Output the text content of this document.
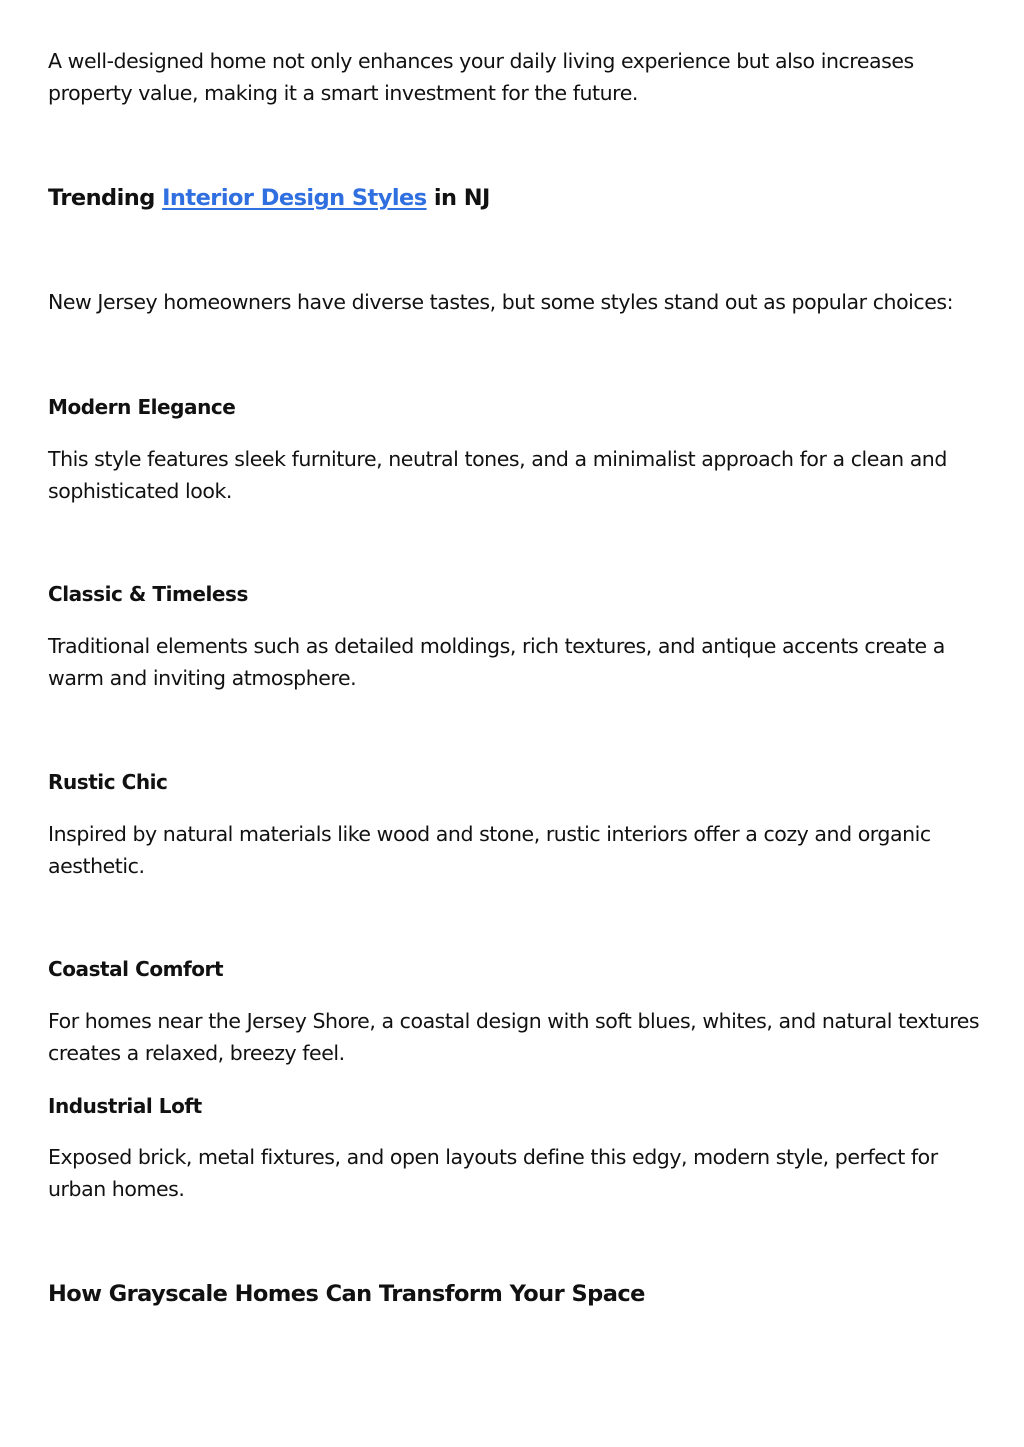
A well-designed home not only enhances your daily living experience but also increases property value, making it a smart investment for the future.

Trending Interior Design Styles in NJ

New Jersey homeowners have diverse tastes, but some styles stand out as popular choices:

Modern Elegance

This style features sleek furniture, neutral tones, and a minimalist approach for a clean and sophisticated look.

Classic & Timeless

Traditional elements such as detailed moldings, rich textures, and antique accents create a warm and inviting atmosphere.

Rustic Chic

Inspired by natural materials like wood and stone, rustic interiors offer a cozy and organic aesthetic.

Coastal Comfort

For homes near the Jersey Shore, a coastal design with soft blues, whites, and natural textures creates a relaxed, breezy feel.

Industrial Loft

Exposed brick, metal fixtures, and open layouts define this edgy, modern style, perfect for urban homes.

How Grayscale Homes Can Transform Your Space
